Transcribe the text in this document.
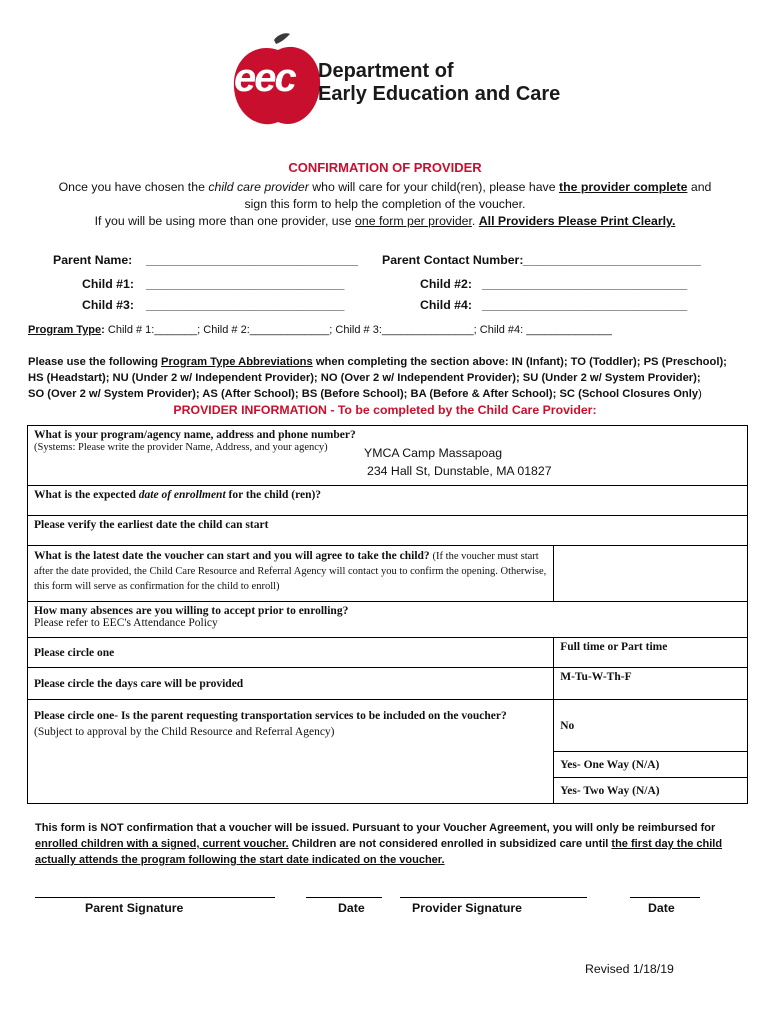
eec Department of
Early Education and Care
CONFIRMATION OF PROVIDER
Once you have chosen the child care provider who will care for your child(ren), please have the provider complete and
sign this form to help the completion of the voucher.
If you will be using more than one provider, use one form per provider. All Providers Please Print Clearly.
Parent Name: _______________________________ Parent Contact Number: __________________________
Child #1: _____________________________	Child #2: ______________________________
Child #3: _____________________________	Child #4: ______________________________
Program Type: Child # 1:_______; Child # 2:_____________; Child # 3:_______________; Child #4: ______________
Please use the following Program Type Abbreviations when completing the section above: IN (Infant); TO (Toddler); PS (Preschool);
HS (Headstart); NU (Under 2 w/ Independent Provider); NO (Over 2 w/ Independent Provider); SU (Under 2 w/ System Provider);
SO (Over 2 w/ System Provider); AS (After School); BS (Before School); BA (Before & After School); SC (School Closures Only)
PROVIDER INFORMATION - To be completed by the Child Care Provider:
What is your program/agency name, address and phone number?
(Systems: Please write the provider Name, Address, and your agency) YMCA Camp Massapoag
234 Hall St, Dunstable, MA 01827	

What is the expected date of enrollment for the child (ren)?	
Please verify the earliest date the child can start	
What is the latest date the voucher can start and you will agree to take the child? (If the voucher must start after the date provided, the Child Care Resource and Referral Agency will contact you to confirm the opening. Otherwise, this form will serve as confirmation for the child to enroll)	

How many absences are you willing to accept prior to enrolling?
Please refer to EEC's Attendance Policy	

Please circle one	Full time or Part time
Please circle the days care will be provided	M-Tu-W-Th-F
Please circle one- Is the parent requesting transportation services to be included on the voucher? (Subject to approval by the Child Resource and Referral Agency)	No
	Yes- One Way (N/A)
	Yes- Two Way (N/A)
This form is NOT confirmation that a voucher will be issued. Pursuant to your Voucher Agreement, you will only be reimbursed for enrolled children with a signed, current voucher. Children are not considered enrolled in subsidized care until the first day the child actually attends the program following the start date indicated on the voucher.
Parent Signature	Date	Provider Signature	Date
Revised 1/18/19
